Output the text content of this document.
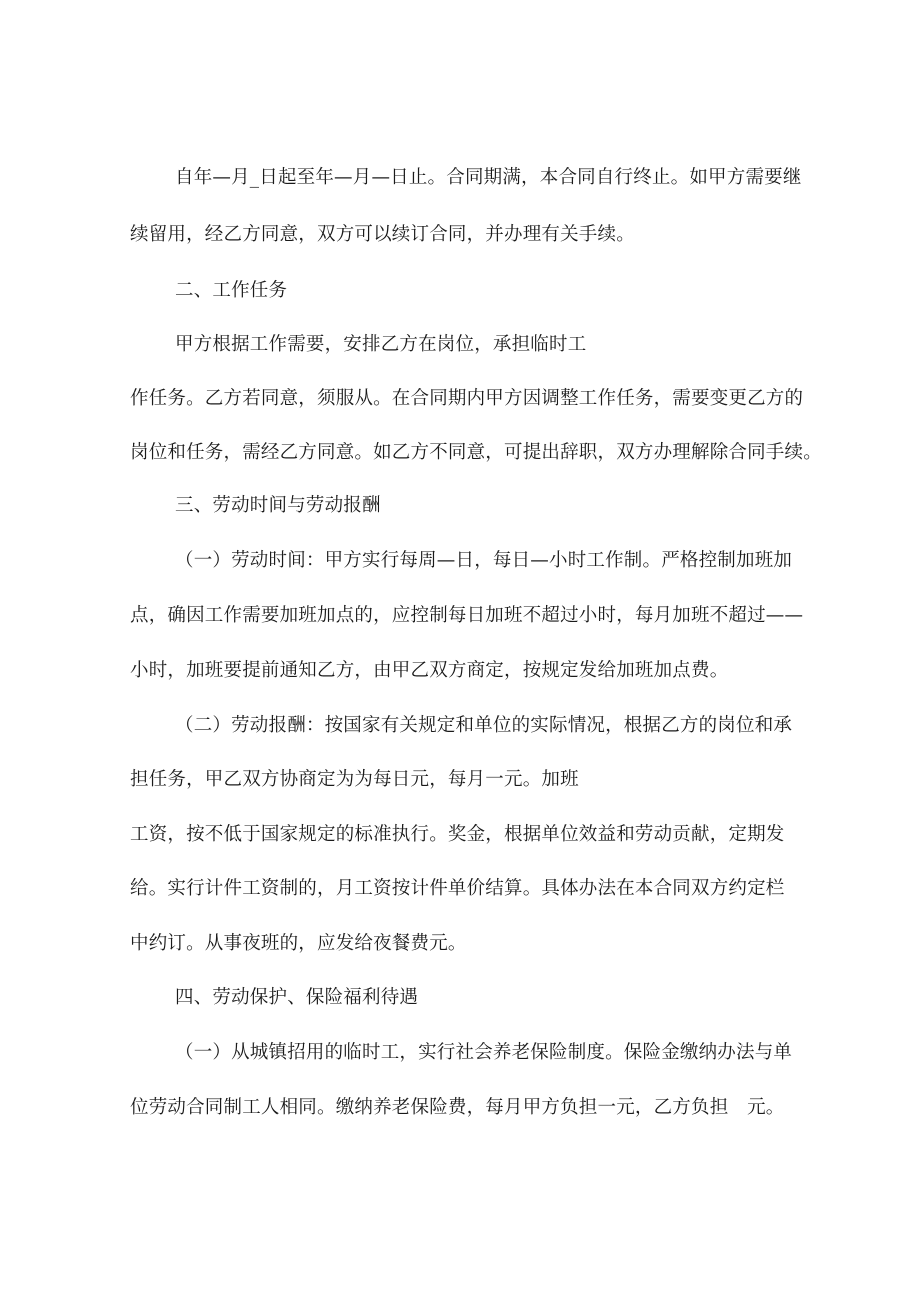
自年—月_日起至年—月—日止。合同期满，本合同自行终止。如甲方需要继
续留用，经乙方同意，双方可以续订合同，并办理有关手续。
二、工作任务
甲方根据工作需要，安排乙方在岗位，承担临时工
作任务。乙方若同意，须服从。在合同期内甲方因调整工作任务，需要变更乙方的
岗位和任务，需经乙方同意。如乙方不同意，可提出辞职，双方办理解除合同手续。
三、劳动时间与劳动报酬
（一）劳动时间：甲方实行每周—日，每日—小时工作制。严格控制加班加
点，确因工作需要加班加点的，应控制每日加班不超过小时，每月加班不超过——
小时，加班要提前通知乙方，由甲乙双方商定，按规定发给加班加点费。
（二）劳动报酬：按国家有关规定和单位的实际情况，根据乙方的岗位和承
担任务，甲乙双方协商定为为每日元，每月一元。加班
工资，按不低于国家规定的标准执行。奖金，根据单位效益和劳动贡献，定期发
给。实行计件工资制的，月工资按计件单价结算。具体办法在本合同双方约定栏
中约订。从事夜班的，应发给夜餐费元。
四、劳动保护、保险福利待遇
（一）从城镇招用的临时工，实行社会养老保险制度。保险金缴纳办法与单
位劳动合同制工人相同。缴纳养老保险费，每月甲方负担一元，乙方负担　元。
